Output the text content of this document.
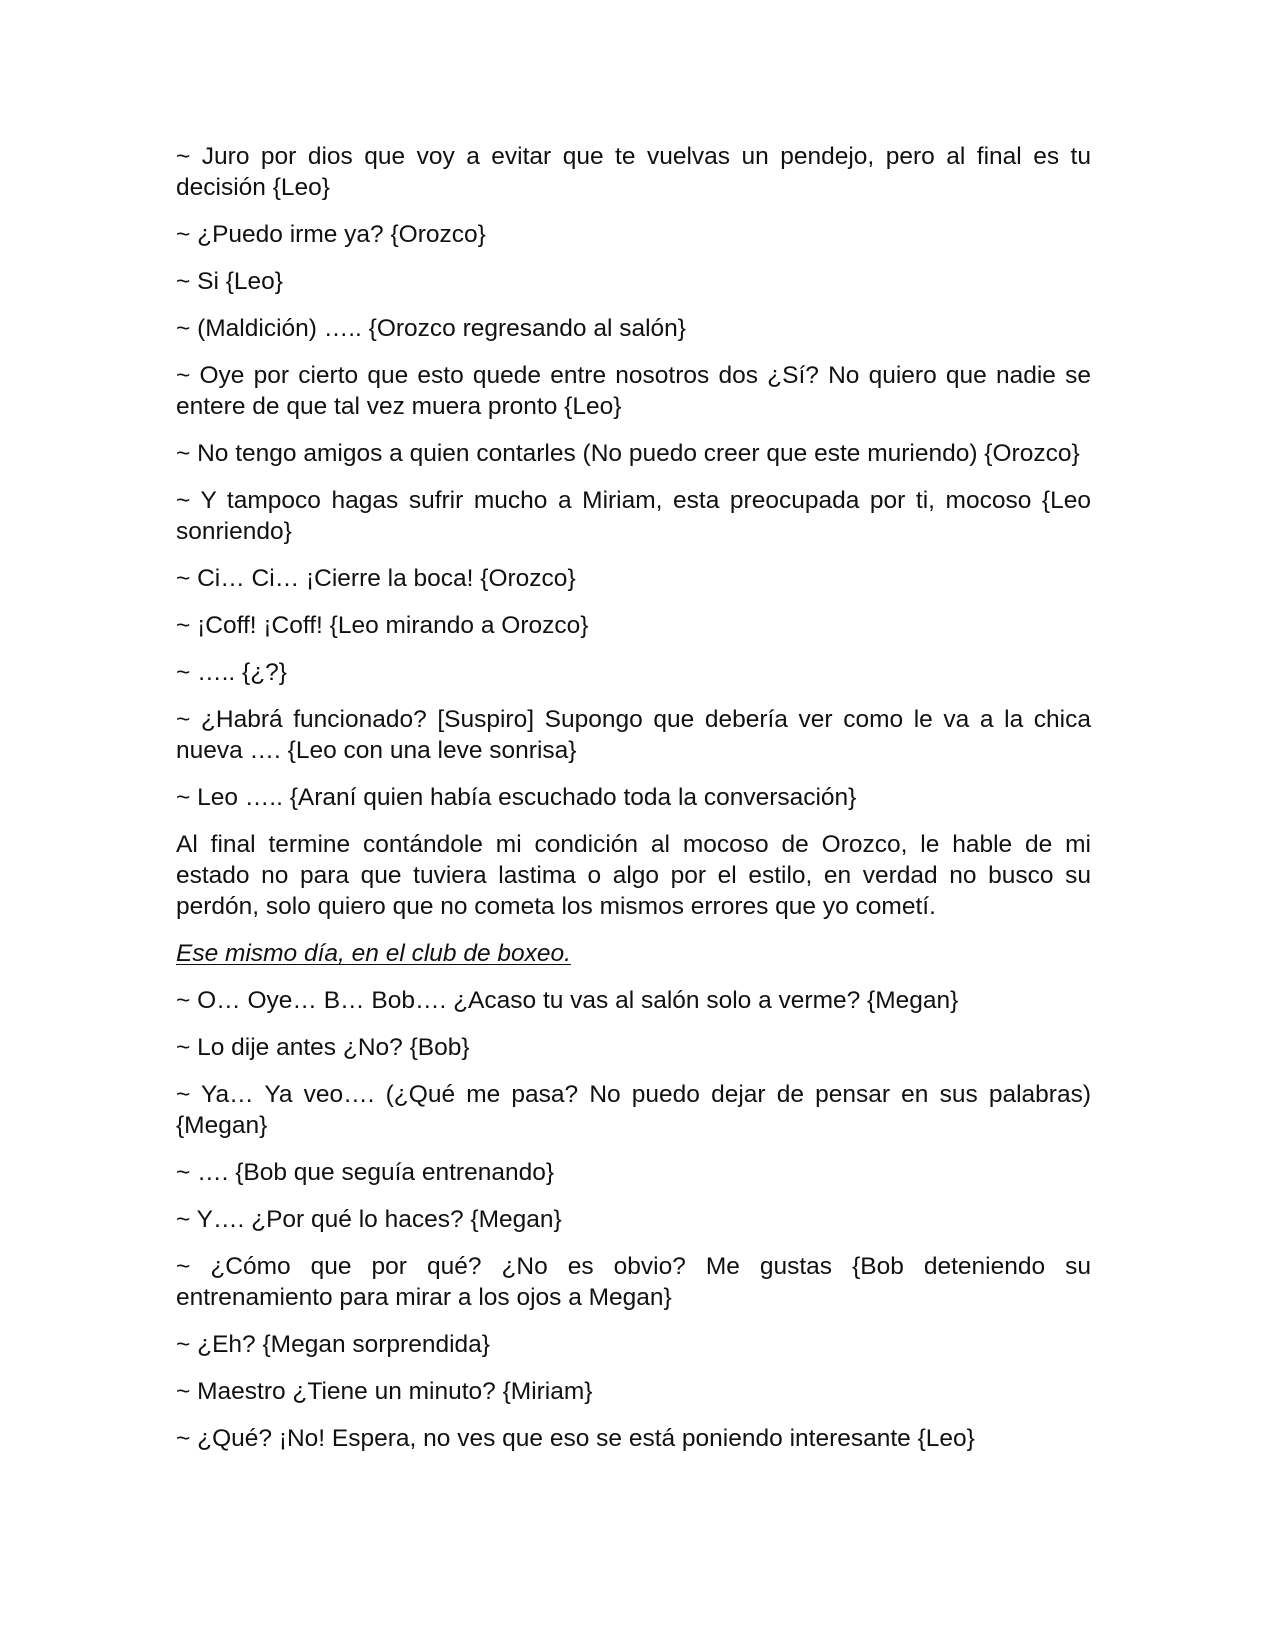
~ Juro por dios que voy a evitar que te vuelvas un pendejo, pero al final es tu decisión {Leo}

~ ¿Puedo irme ya? {Orozco}

~ Si {Leo}

~ (Maldición) ….. {Orozco regresando al salón}

~ Oye por cierto que esto quede entre nosotros dos ¿Sí? No quiero que nadie se entere de que tal vez muera pronto {Leo}

~ No tengo amigos a quien contarles (No puedo creer que este muriendo) {Orozco}

~ Y tampoco hagas sufrir mucho a Miriam, esta preocupada por ti, mocoso {Leo sonriendo}

~ Ci… Ci… ¡Cierre la boca! {Orozco}

~ ¡Coff! ¡Coff! {Leo mirando a Orozco}

~ ….. {¿?}

~ ¿Habrá funcionado? [Suspiro] Supongo que debería ver como le va a la chica nueva …. {Leo con una leve sonrisa}

~ Leo ….. {Araní quien había escuchado toda la conversación}

Al final termine contándole mi condición al mocoso de Orozco, le hable de mi estado no para que tuviera lastima o algo por el estilo, en verdad no busco su perdón, solo quiero que no cometa los mismos errores que yo cometí.

Ese mismo día, en el club de boxeo.

~ O… Oye… B… Bob…. ¿Acaso tu vas al salón solo a verme? {Megan}

~ Lo dije antes ¿No? {Bob}

~ Ya… Ya veo…. (¿Qué me pasa? No puedo dejar de pensar en sus palabras) {Megan}

~ …. {Bob que seguía entrenando}

~ Y…. ¿Por qué lo haces? {Megan}

~ ¿Cómo que por qué? ¿No es obvio? Me gustas {Bob deteniendo su entrenamiento para mirar a los ojos a Megan}

~ ¿Eh? {Megan sorprendida}

~ Maestro ¿Tiene un minuto? {Miriam}

~ ¿Qué? ¡No! Espera, no ves que eso se está poniendo interesante {Leo}
